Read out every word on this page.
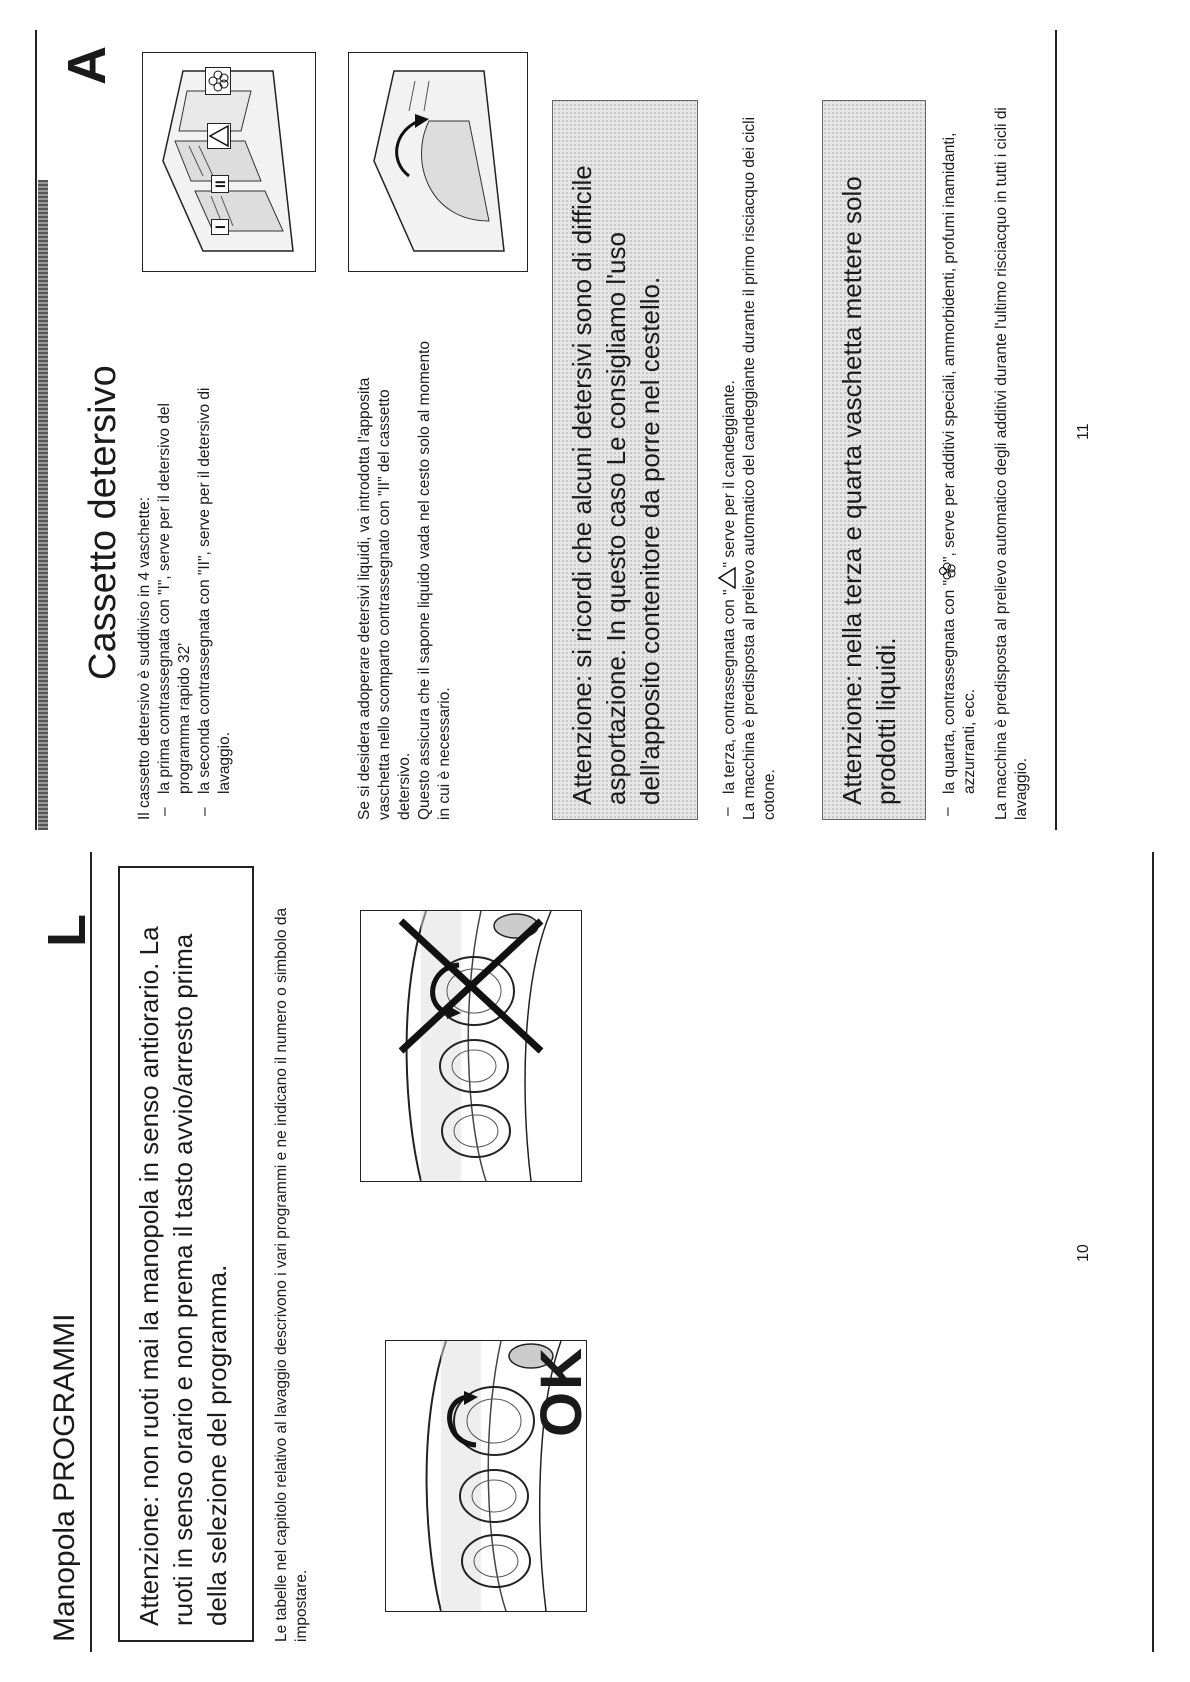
Manopola PROGRAMMI
L Attenzione: non ruoti mai la manopola in senso antiorario. La ruoti in senso orario e non prema il tasto avvio/arresto prima della selezione del programma.	Le tabelle nel capitolo relativo al lavaggio descrivono i vari programmi e ne indicano il numero o simbolo da impostare.

OK
10
Cassetto detersivo
A
Il cassetto detersivo è suddiviso in 4 vaschette: – la prima contrassegnata con "I", serve per il detersivo del programma rapido 32' – la seconda contrassegnata con "II", serve per il detersivo di lavaggio.	Se si desidera adoperare detersivi liquidi, va introdotta l'apposita vaschetta nello scomparto contrassegnato con "II" del cassetto detersivo. Questo assicura che il sapone liquido vada nel cesto solo al momento in cui è necessario.
I
II	Attenzione: si ricordi che alcuni detersivi sono di difficile asportazione. In questo caso Le consigliamo l'uso dell'apposito contenitore da porre nel cestello.	– la terza, contrassegnata con "" serve per il candeggiante. La macchina è predisposta al prelievo automatico del candeggiante durante il primo risciacquo dei cicli cotone. Attenzione: nella terza e quarta vaschetta mettere solo prodotti liquidi.	– la quarta, contrassegnata con "", serve per additivi speciali, ammorbidenti, profumi inamidanti, azzurranti, ecc. La macchina è predisposta al prelievo automatico degli additivi durante l'ultimo risciacquo in tutti i cicli di lavaggio.
11
